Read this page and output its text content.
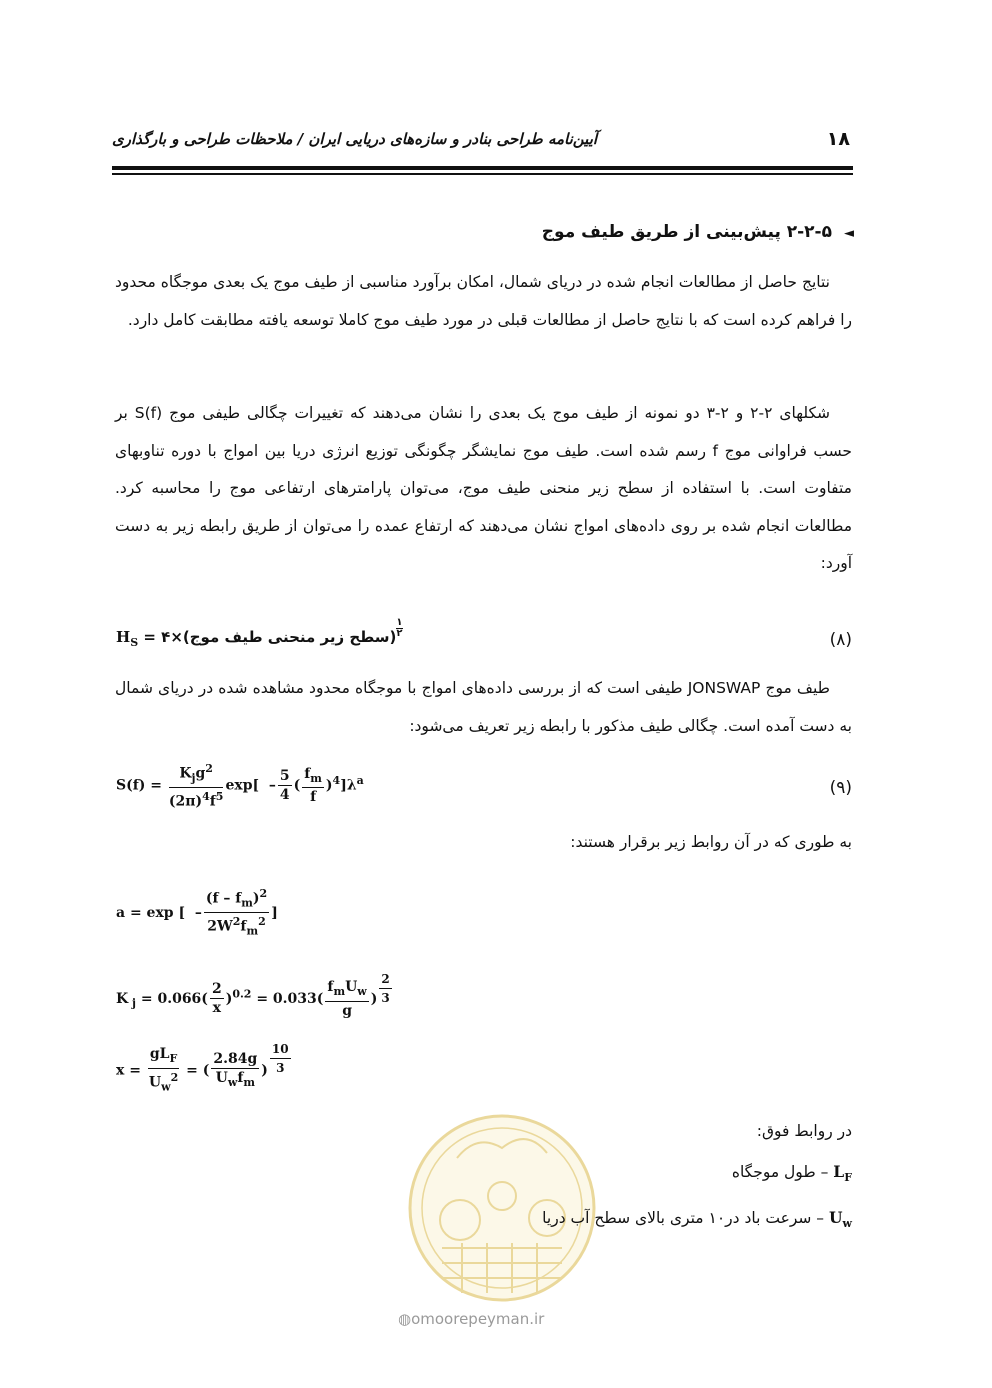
۱۸
آیین‌نامه طراحی بنادر و سازه‌های دریایی ایران / ملاحظات طراحی و بارگذاری
◄۲-۲-۵ پیش‌بینی از طریق طیف موج
نتایج حاصل از مطالعات انجام شده در دریای شمال، امکان برآورد مناسبی از طیف موج یک بعدی موجگاه محدود را فراهم کرده است که با نتایج حاصل از مطالعات قبلی در مورد طیف موج کاملا توسعه یافته مطابقت کامل دارد.
شکلهای ۲-۲ و ۲-۳ دو نمونه از طیف موج یک بعدی را نشان می‌دهند که تغییرات چگالی طیفی موج S(f) بر حسب فراوانی موج f رسم شده است. طیف موج نمایشگر چگونگی توزیع انرژی دریا بین امواج با دوره تناوبهای متفاوت است. با استفاده از سطح زیر منحنی طیف موج، می‌توان پارامترهای ارتفاعی موج را محاسبه کرد. مطالعات انجام شده بر روی داده‌های امواج نشان می‌دهند که ارتفاع عمده را می‌توان از طریق رابطه زیر به دست آورد:
$H_S$ = ۴×(سطح زیر منحنی طیف موج) $\frac{۱}{۲}$
(۸)
طیف موج JONSWAP طیفی است که از بررسی داده‌های امواج با موجگاه محدود مشاهده شده در دریای شمال به دست آمده است. چگالی طیف مذکور با رابطه زیر تعریف می‌شود:
$S(f) = \frac{K_jg^2}{(2\pi)^4f^5} \exp[ - \frac{5}{4}$ ( $\frac{f_m}{f} )^4]\lambda^a$	(۹)
به طوری که در آن روابط زیر برقرار هستند:
a = exp [  – $\frac{(f - f_m)^2}{2W^2f_m^2}$ ]
K $_j = 0.066( \frac{2}{x} )^{0.2} = 0.033( \frac{f_mU_w}{g}$ ) $\frac{2}{3}$
$x = \frac{gL_F}{U_w^2}$ = ( $\frac{2.84g}{U_wf_m}$ ) $\frac{10}{3}$
در روابط فوق:
$L_F$ – طول موجگاه
$U_w$ – سرعت باد در۱۰ متری بالای سطح آب دریا
◍omoorepeyman.ir
